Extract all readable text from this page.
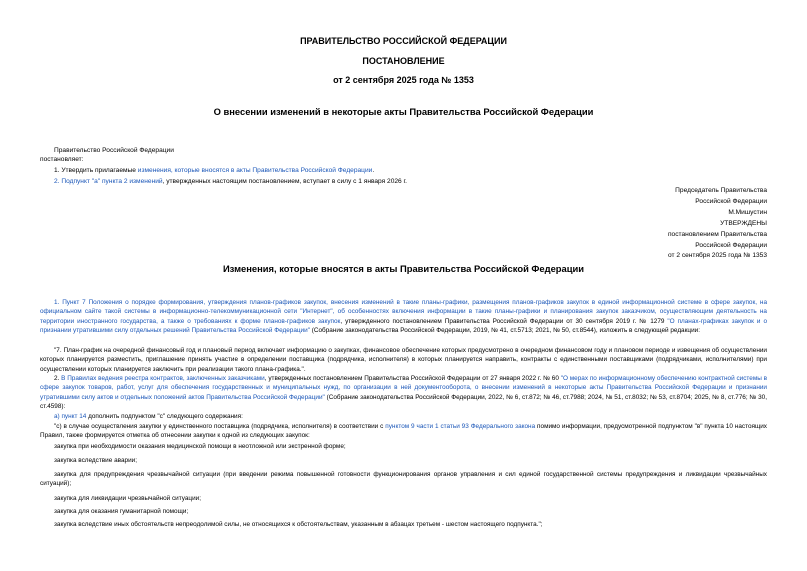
ПРАВИТЕЛЬСТВО РОССИЙСКОЙ ФЕДЕРАЦИИ
ПОСТАНОВЛЕНИЕ
от 2 сентября 2025 года № 1353
О внесении изменений в некоторые акты Правительства Российской Федерации
Правительство Российской Федерации
постановляет:
1. Утвердить прилагаемые изменения, которые вносятся в акты Правительства Российской Федерации.
2. Подпункт "а" пункта 2 изменений, утвержденных настоящим постановлением, вступает в силу с 1 января 2026 г.
Председатель Правительства
Российской Федерации
М.Мишустин
УТВЕРЖДЕНЫ
постановлением Правительства
Российской Федерации
от 2 сентября 2025 года № 1353
Изменения, которые вносятся в акты Правительства Российской Федерации
1. Пункт 7 Положения о порядке формирования, утверждения планов-графиков закупок, внесения изменений в такие планы-графики, размещения планов-графиков закупок в единой информационной системе в сфере закупок, на официальном сайте такой системы в информационно-телекоммуникационной сети "Интернет", об особенностях включения информации в такие планы-графики и планирования закупок заказчиком, осуществляющим деятельность на территории иностранного государства, а также о требованиях к форме планов-графиков закупок, утвержденного постановлением Правительства Российской Федерации от 30 сентября 2019 г. № 1279 "О планах-графиках закупок и о признании утратившими силу отдельных решений Правительства Российской Федерации" (Собрание законодательства Российской Федерации, 2019, № 41, ст.5713; 2021, № 50, ст.8544), изложить в следующей редакции:
"7. План-график на очередной финансовый год и плановый период включает информацию о закупках, финансовое обеспечение которых предусмотрено в очередном финансовом году и плановом периоде и извещения об осуществлении которых планируется разместить, приглашение принять участие в определении поставщика (подрядчика, исполнителя) в которых планируется направить, контракты с единственными поставщиками (подрядчиками, исполнителями) при осуществлении которых планируется заключить при реализации такого плана-графика.".
2. В Правилах ведения реестра контрактов, заключенных заказчиками, утвержденных постановлением Правительства Российской Федерации от 27 января 2022 г. № 60 "О мерах по информационному обеспечению контрактной системы в сфере закупок товаров, работ, услуг для обеспечения государственных и муниципальных нужд, по организации в ней документооборота, о внесении изменений в некоторые акты Правительства Российской Федерации и признании утратившими силу актов и отдельных положений актов Правительства Российской Федерации" (Собрание законодательства Российской Федерации, 2022, № 6, ст.872; № 46, ст.7988; 2024, № 51, ст.8032; № 53, ст.8704; 2025, № 8, ст.776; № 30, ст.4598):
а) пункт 14 дополнить подпунктом "с" следующего содержания:
"с) в случае осуществления закупки у единственного поставщика (подрядчика, исполнителя) в соответствии с пунктом 9 части 1 статьи 93 Федерального закона помимо информации, предусмотренной подпунктом "в" пункта 10 настоящих Правил, также формируется отметка об отнесении закупки к одной из следующих закупок:
закупка при необходимости оказания медицинской помощи в неотложной или экстренной форме;
закупка вследствие аварии;
закупка для предупреждения чрезвычайной ситуации (при введении режима повышенной готовности функционирования органов управления и сил единой государственной системы предупреждения и ликвидации чрезвычайных ситуаций);
закупка для ликвидации чрезвычайной ситуации;
закупка для оказания гуманитарной помощи;
закупка вследствие иных обстоятельств непреодолимой силы, не относящихся к обстоятельствам, указанным в абзацах третьем - шестом настоящего подпункта.";
